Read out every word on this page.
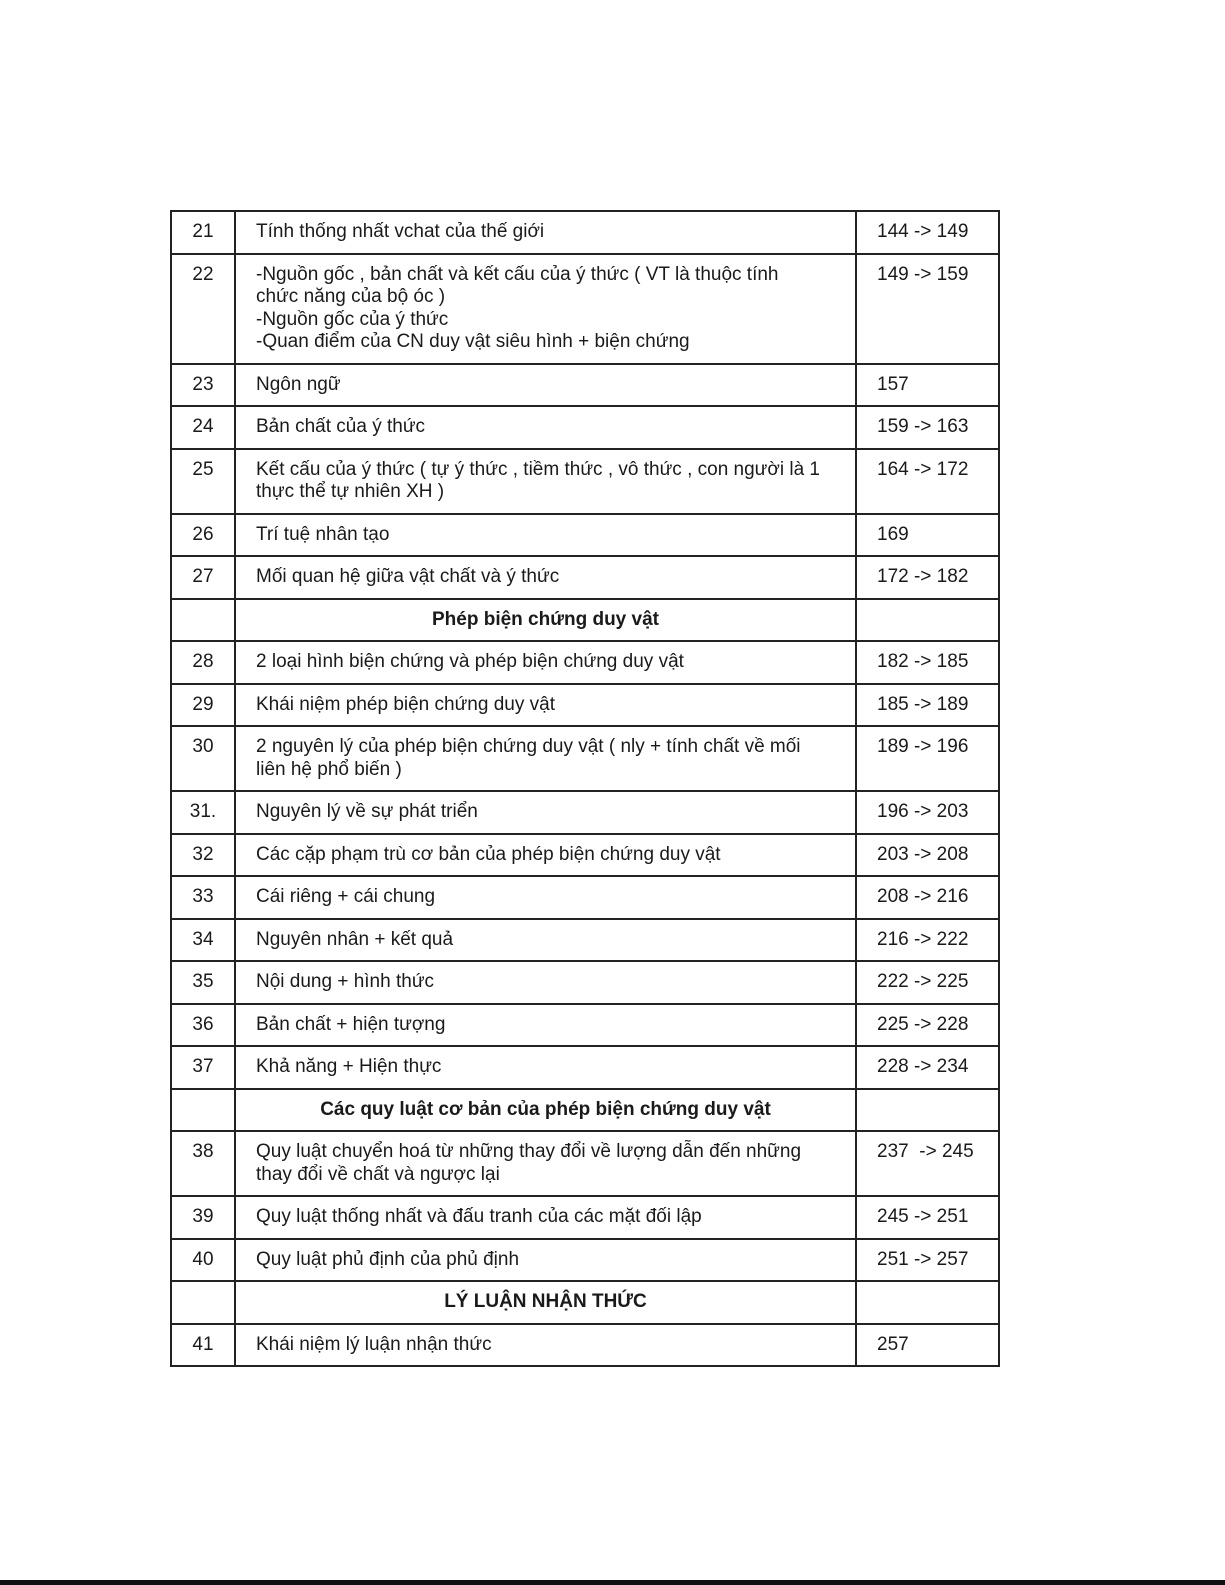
21	Tính thống nhất vchat của thế giới	144 -> 149
22	-Nguồn gốc , bản chất và kết cấu của ý thức ( VT là thuộc tính
chức năng của bộ óc )
-Nguồn gốc của ý thức
-Quan điểm của CN duy vật siêu hình + biện chứng	149 -> 159
23	Ngôn ngữ	157
24	Bản chất của ý thức	159 -> 163
25	Kết cấu của ý thức ( tự ý thức , tiềm thức , vô thức , con người là 1
thực thể tự nhiên XH )	164 -> 172
26	Trí tuệ nhân tạo	169
27	Mối quan hệ giữa vật chất và ý thức	172 -> 182
	Phép biện chứng duy vật	
28	2 loại hình biện chứng và phép biện chứng duy vật	182 -> 185
29	Khái niệm phép biện chứng duy vật	185 -> 189
30	2 nguyên lý của phép biện chứng duy vật ( nly + tính chất về mối
liên hệ phổ biến )	189 -> 196
31.	Nguyên lý về sự phát triển	196 -> 203
32	Các cặp phạm trù cơ bản của phép biện chứng duy vật	203 -> 208
33	Cái riêng + cái chung	208 -> 216
34	Nguyên nhân + kết quả	216 -> 222
35	Nội dung + hình thức	222 -> 225
36	Bản chất + hiện tượng	225 -> 228
37	Khả năng + Hiện thực	228 -> 234
	Các quy luật cơ bản của phép biện chứng duy vật	
38	Quy luật chuyển hoá từ những thay đổi về lượng dẫn đến những
thay đổi về chất và ngược lại	237  -> 245
39	Quy luật thống nhất và đấu tranh của các mặt đối lập	245 -> 251
40	Quy luật phủ định của phủ định	251 -> 257
	LÝ LUẬN NHẬN THỨC	
41	Khái niệm lý luận nhận thức	257
